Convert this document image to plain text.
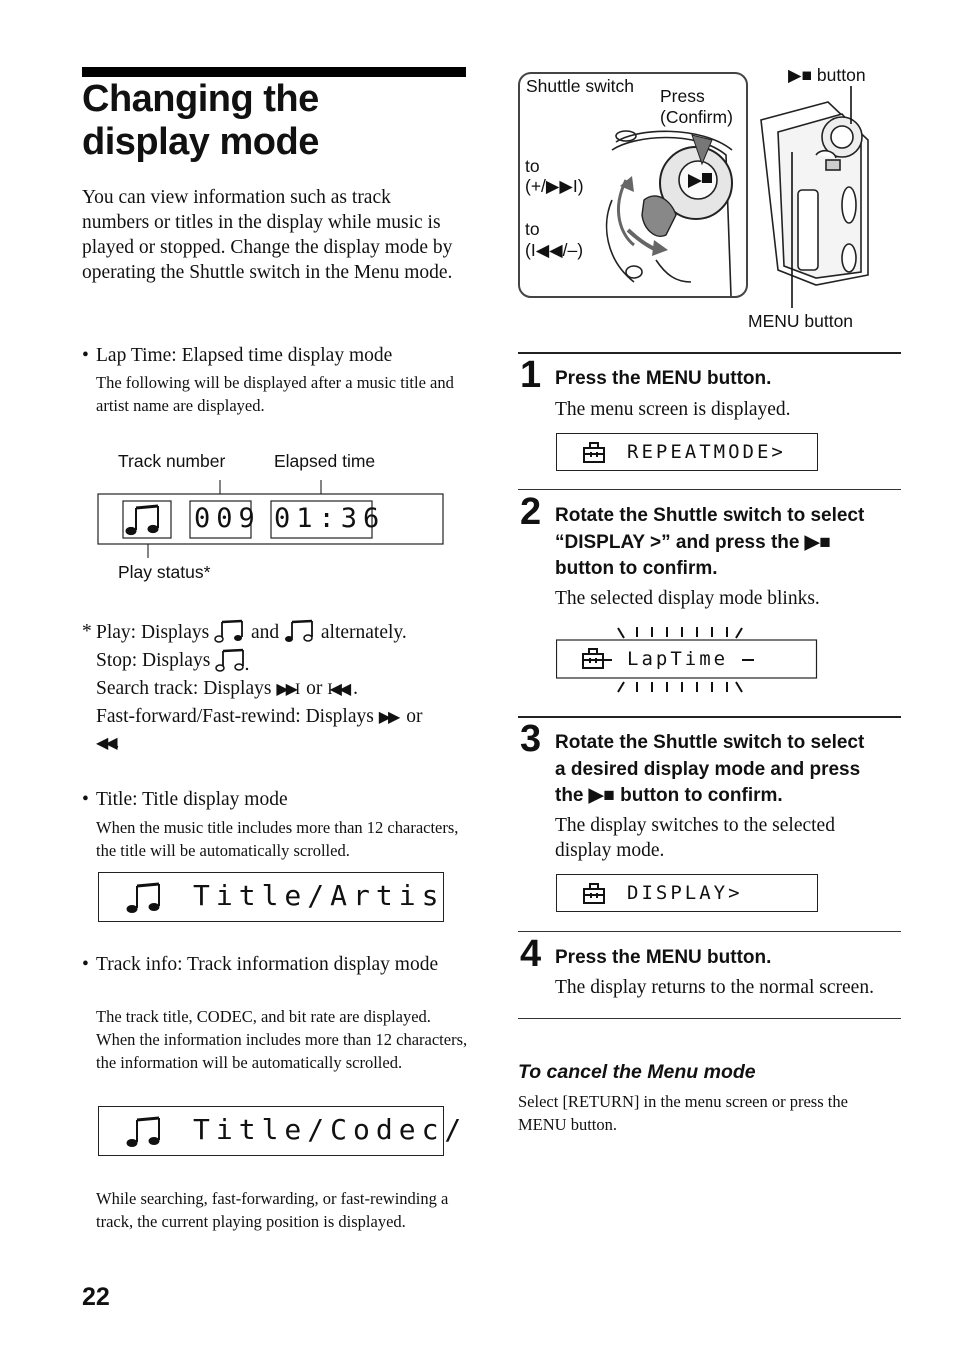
Changing the
display mode
You can view information such as track numbers or titles in the display while music is played or stopped. Change the display mode by operating the Shuttle switch in the Menu mode.
• Lap Time: Elapsed time display mode
The following will be displayed after a music title and artist name are displayed.
Track number	Elapsed time
009 01:36
Play status*
* Play: Displays and alternately.
Stop: Displays
Search track: Displays ▶▶I or I◀◀ .
Fast-forward/Fast-rewind: Displays ▶▶ or
◀◀.
• Title: Title display mode
When the music title includes more than 12 characters, the title will be automatically scrolled.
Title/Artis
• Track info: Track information display mode
The track title, CODEC, and bit rate are displayed. When the information includes more than 12 characters, the information will be automatically scrolled.
Title/Codec/
While searching, fast-forwarding, or fast-rewinding a track, the current playing position is displayed.
22
Shuttle switch Press
(Confirm)
to
(+/▶▶I)
to
(I◀◀/–)
▶■ button
MENU button
1 Press the MENU button.
The menu screen is displayed.
REPEATMODE>
2 Rotate the Shuttle switch to select
“DISPLAY >” and press the ▶■
button to confirm.
The selected display mode blinks.
LapTime
3 Rotate the Shuttle switch to select
a desired display mode and press
the ▶■ button to confirm.
The display switches to the selected
display mode.
DISPLAY>
4 Press the MENU button.
The display returns to the normal screen.
To cancel the Menu mode
Select [RETURN] in the menu screen or press the MENU button.
